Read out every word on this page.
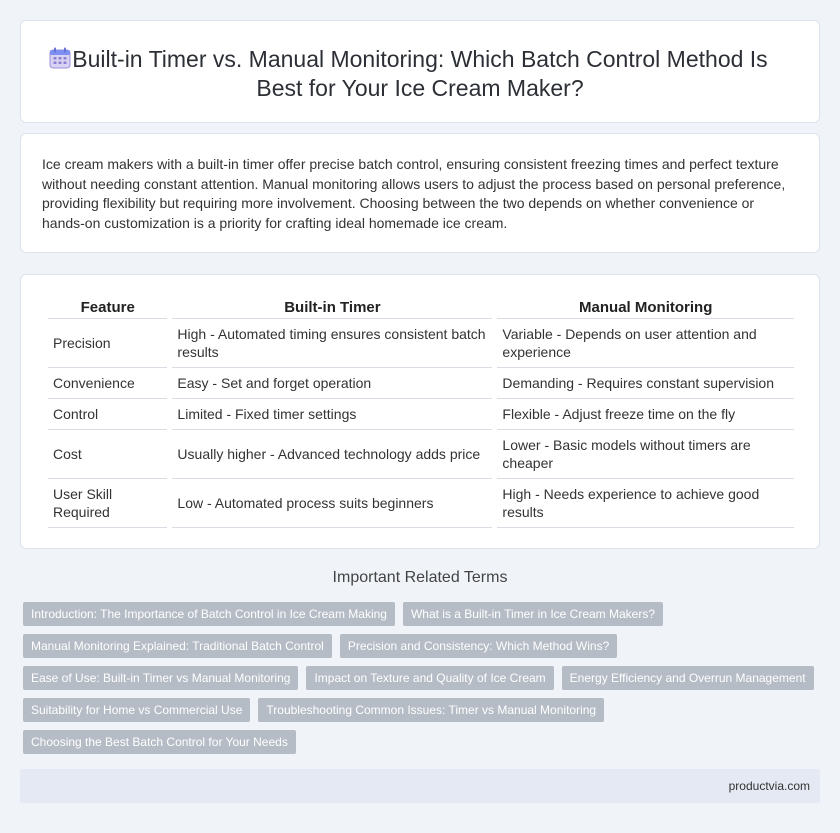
Built-in Timer vs. Manual Monitoring: Which Batch Control Method Is Best for Your Ice Cream Maker?

Ice cream makers with a built-in timer offer precise batch control, ensuring consistent freezing times and perfect texture without needing constant attention. Manual monitoring allows users to adjust the process based on personal preference, providing flexibility but requiring more involvement. Choosing between the two depends on whether convenience or hands-on customization is a priority for crafting ideal homemade ice cream.

Feature	Built-in Timer	Manual Monitoring
Precision	High - Automated timing ensures consistent batch results	Variable - Depends on user attention and experience
Convenience	Easy - Set and forget operation	Demanding - Requires constant supervision
Control	Limited - Fixed timer settings	Flexible - Adjust freeze time on the fly
Cost	Usually higher - Advanced technology adds price	Lower - Basic models without timers are cheaper
User Skill Required	Low - Automated process suits beginners	High - Needs experience to achieve good results
Important Related Terms
Introduction: The Importance of Batch Control in Ice Cream Making	What is a Built-in Timer in Ice Cream Makers?
Manual Monitoring Explained: Traditional Batch Control	Precision and Consistency: Which Method Wins?
Ease of Use: Built-in Timer vs Manual Monitoring	Impact on Texture and Quality of Ice Cream	Energy Efficiency and Overrun Management
Suitability for Home vs Commercial Use	Troubleshooting Common Issues: Timer vs Manual Monitoring
Choosing the Best Batch Control for Your Needs
productvia.com
